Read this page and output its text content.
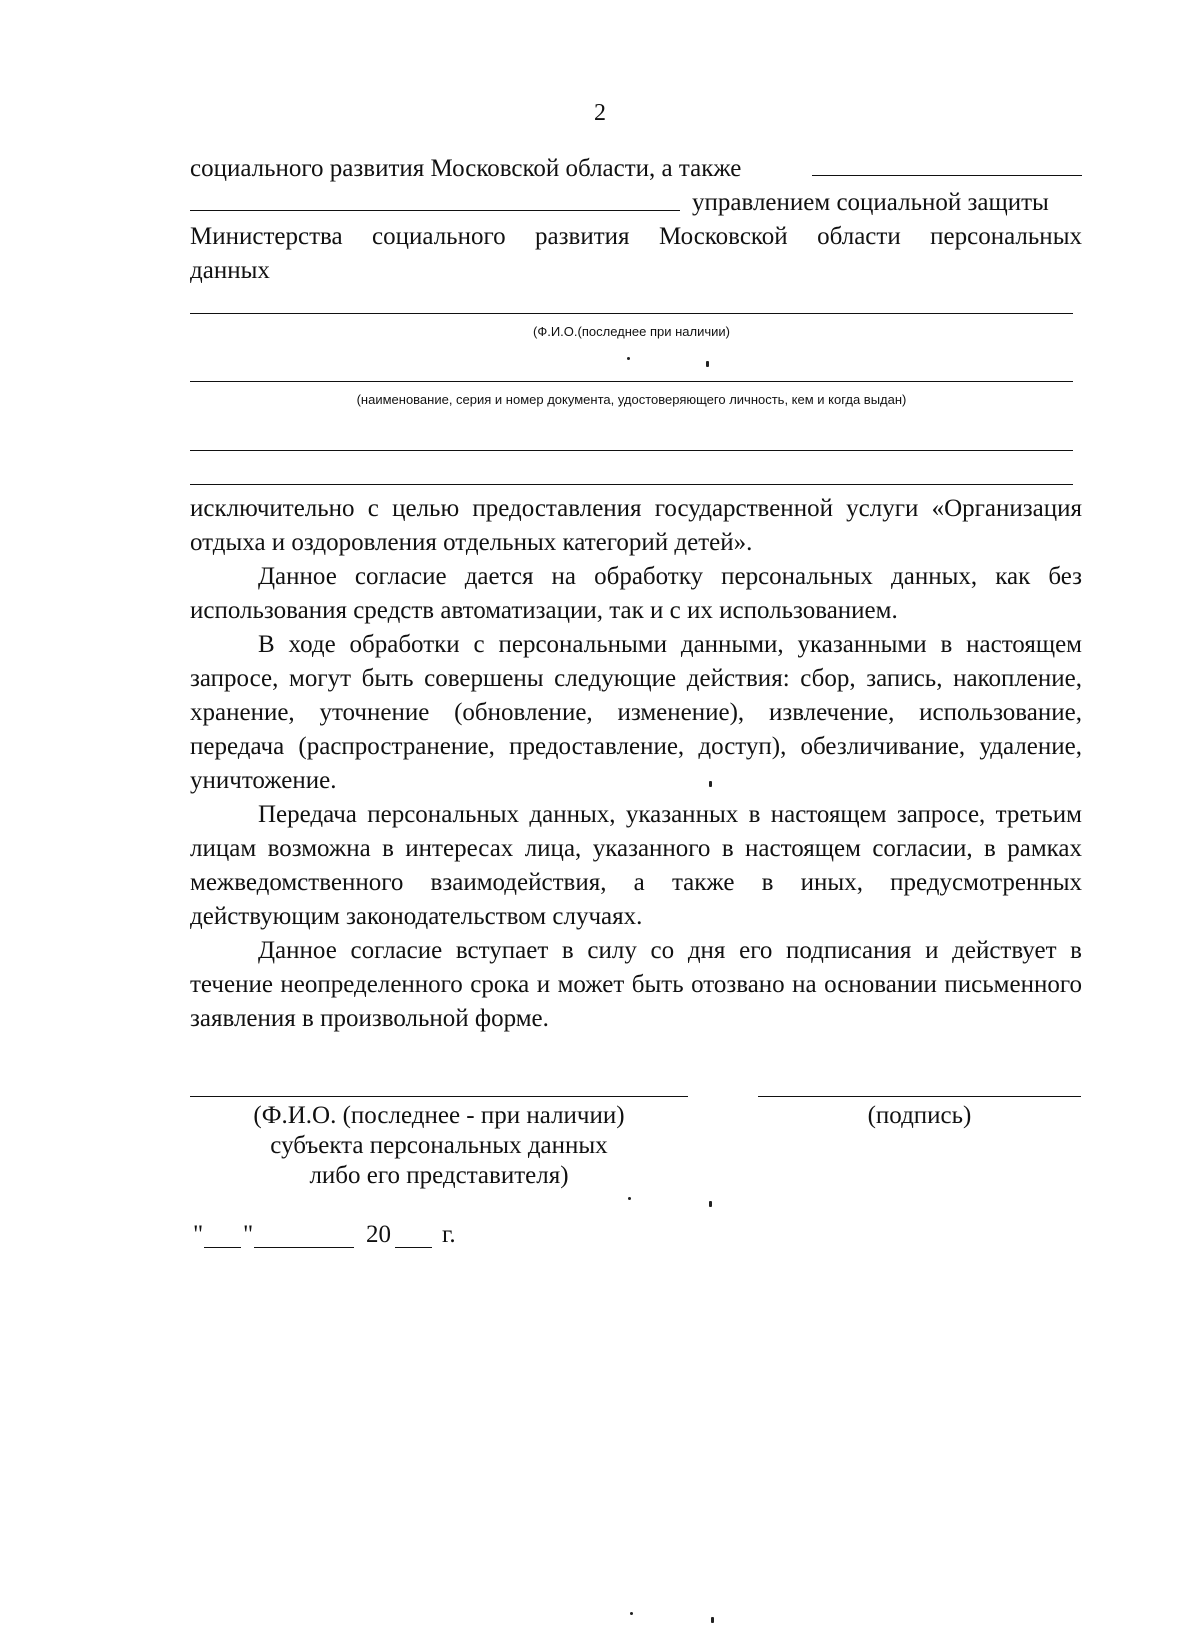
2
социального развития Московской области, а также
управлением социальной защиты
Министерства социального развития Московской области персональных
данных
(Ф.И.О.(последнее при наличии)
(наименование, серия и номер документа, удостоверяющего личность, кем и когда выдан)

исключительно с целью предоставления государственной услуги «Организация отдыха и оздоровления отдельных категорий детей».

Данное согласие дается на обработку персональных данных, как без использования средств автоматизации, так и с их использованием.

В ходе обработки с персональными данными, указанными в настоящем запросе, могут быть совершены следующие действия: сбор, запись, накопление, хранение, уточнение (обновление, изменение), извлечение, использование, передача (распространение, предоставление, доступ), обезличивание, удаление, уничтожение.

Передача персональных данных, указанных в настоящем запросе, третьим лицам возможна в интересах лица, указанного в настоящем согласии, в рамках межведомственного взаимодействия, а также в иных, предусмотренных действующим законодательством случаях.

Данное согласие вступает в силу со дня его подписания и действует в течение неопределенного срока и может быть отозвано на основании письменного заявления в произвольной форме.

(Ф.И.О. (последнее - при наличии)
субъекта персональных данных
либо его представителя)
(подпись)
" "	20 г.
